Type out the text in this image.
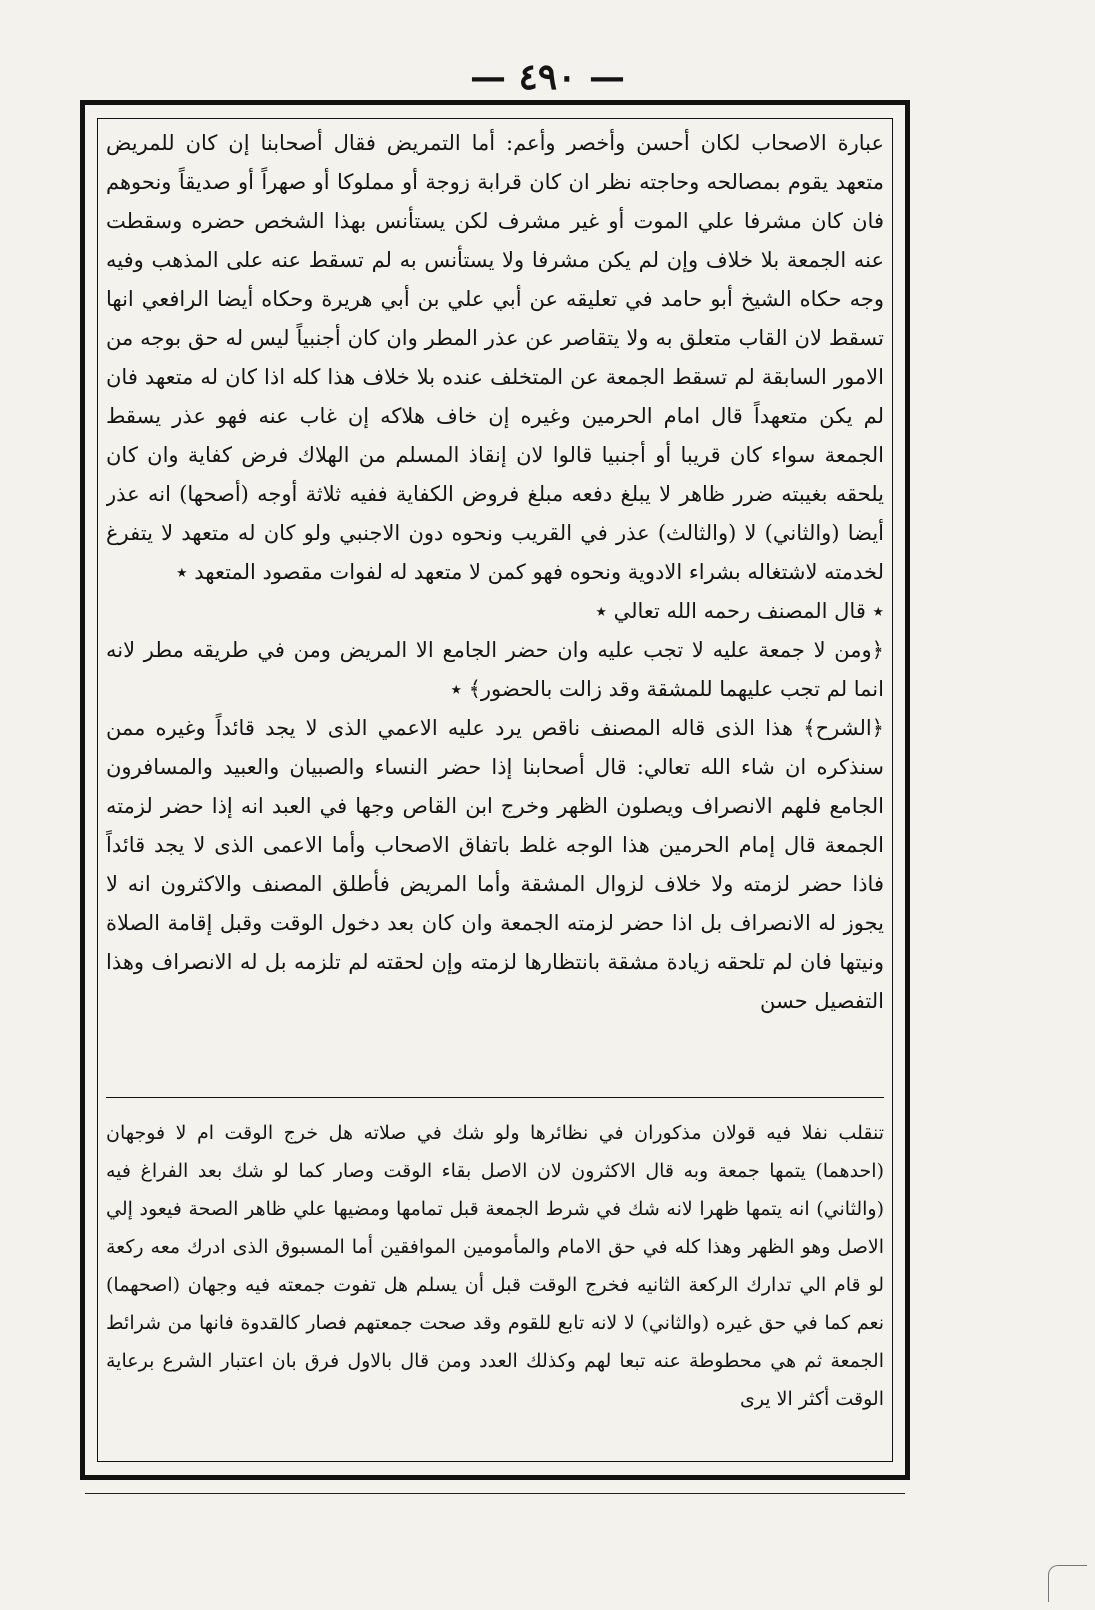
— ٤٩٠ —

عبارة الاصحاب لكان أحسن وأخصر وأعم: أما التمريض فقال أصحابنا إن كان للمريض متعهد يقوم بمصالحه وحاجته نظر ان كان قرابة زوجة أو مملوكا أو صهراً أو صديقاً ونحوهم فان كان مشرفا علي الموت أو غير مشرف لكن يستأنس بهذا الشخص حضره وسقطت عنه الجمعة بلا خلاف وإن لم يكن مشرفا ولا يستأنس به لم تسقط عنه على المذهب وفيه وجه حكاه الشيخ أبو حامد في تعليقه عن أبي علي بن أبي هريرة وحكاه أيضا الرافعي انها تسقط لان القاب متعلق به ولا يتقاصر عن عذر المطر وان كان أجنبياً ليس له حق بوجه من الامور السابقة لم تسقط الجمعة عن المتخلف عنده بلا خلاف هذا كله اذا كان له متعهد فان لم يكن متعهداً قال امام الحرمين وغيره إن خاف هلاكه إن غاب عنه فهو عذر يسقط الجمعة سواء كان قريبا أو أجنبيا قالوا لان إنقاذ المسلم من الهلاك فرض كفاية وان كان يلحقه بغيبته ضرر ظاهر لا يبلغ دفعه مبلغ فروض الكفاية ففيه ثلاثة أوجه (أصحها) انه عذر أيضا (والثاني) لا (والثالث) عذر في القريب ونحوه دون الاجنبي ولو كان له متعهد لا يتفرغ لخدمته لاشتغاله بشراء الادوية ونحوه فهو كمن لا متعهد له لفوات مقصود المتعهد ٭

٭ قال المصنف رحمه الله تعالي ٭

﴿ومن لا جمعة عليه لا تجب عليه وان حضر الجامع الا المريض ومن في طريقه مطر لانه انما لم تجب عليهما للمشقة وقد زالت بالحضور﴾ ٭

﴿الشرح﴾ هذا الذى قاله المصنف ناقص يرد عليه الاعمي الذى لا يجد قائداً وغيره ممن سنذكره ان شاء الله تعالي: قال أصحابنا إذا حضر النساء والصبيان والعبيد والمسافرون الجامع فلهم الانصراف ويصلون الظهر وخرج ابن القاص وجها في العبد انه إذا حضر لزمته الجمعة قال إمام الحرمين هذا الوجه غلط باتفاق الاصحاب وأما الاعمى الذى لا يجد قائداً فاذا حضر لزمته ولا خلاف لزوال المشقة وأما المريض فأطلق المصنف والاكثرون انه لا يجوز له الانصراف بل اذا حضر لزمته الجمعة وان كان بعد دخول الوقت وقبل إقامة الصلاة ونيتها فان لم تلحقه زيادة مشقة بانتظارها لزمته وإن لحقته لم تلزمه بل له الانصراف وهذا التفصيل حسن

تنقلب نفلا فيه قولان مذكوران في نظائرها ولو شك في صلاته هل خرج الوقت ام لا فوجهان (احدهما) يتمها جمعة وبه قال الاكثرون لان الاصل بقاء الوقت وصار كما لو شك بعد الفراغ فيه (والثاني) انه يتمها ظهرا لانه شك في شرط الجمعة قبل تمامها ومضيها علي ظاهر الصحة فيعود إلي الاصل وهو الظهر وهذا كله في حق الامام والمأمومين الموافقين أما المسبوق الذى ادرك معه ركعة لو قام الي تدارك الركعة الثانيه فخرج الوقت قبل أن يسلم هل تفوت جمعته فيه وجهان (اصحهما) نعم كما في حق غيره (والثاني) لا لانه تابع للقوم وقد صحت جمعتهم فصار كالقدوة فانها من شرائط الجمعة ثم هي محطوطة عنه تبعا لهم وكذلك العدد ومن قال بالاول فرق بان اعتبار الشرع برعاية الوقت أكثر الا يرى
